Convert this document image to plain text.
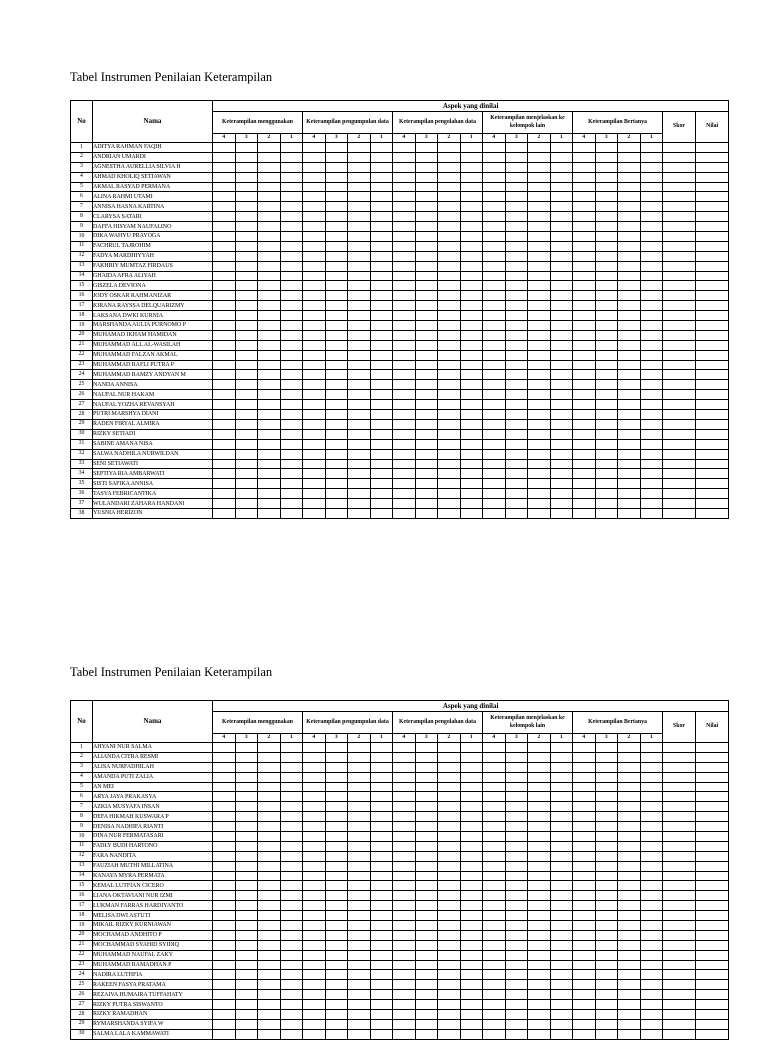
Tabel Instrumen Penilaian Keterampilan
No	Nama	Aspek yang dinilai																					
		Keterampilan menggunakan				Keterampilan pengumpulan data				Keterampilan pengolahan data				Keterampilan menjelaskan ke kelompok lain				Keterampilan Bertanya				Skor	Nilai
		4	3	2	1	4	3	2	1	4	3	2	1	4	3	2	1	4	3	2	1		
1	ADITYA RAHMAN FAQIH																						
2	ANDRIAN UMARDI																						
3	AGNESTHA AURELLIA SILVIA H																						
4	AHMAD KHOLIQ SETIAWAN																						
5	AKMAL RASYAD PERMANA																						
6	ALINA RAHMI UTAMI																						
7	ANNISA HASNA KARTINA																						
8	CLARYSA SATARI																						
9	DAFFA HISYAM NAUFALINO																						
10	DIKA WAHYU PRAYOGA																						
11	FACHRUL TAJROHIM																						
12	FADYA MARDHIYYAH																						
13	FAKHRIY MUMTAZ FIRDAUS																						
14	GHAIDA AFRA ALIYAH																						
15	GISZELA DEVIONA																						
16	JODY OSKAR RAHMANIZAR																						
17	KIRANA RAYSSA DELQUARIZMY																						
18	LAKSANA DWKI KURNIA																						
19	MARSHANDA AULIA PURNOMO P																						
20	MUHAMAD IKHAM HAMIDAN																						
21	MUHAMMAD ALL AL-WASILAH																						
22	MUHAMMAD FALZAN AKMAL																						
23	MUHAMMAD RAFLI PUTRA P																						
24	MUHAMMAD RAMZY ANDYAN M																						
25	NANDA ANNISA																						
26	NAUFAL NUR HAKAM																						
27	NAUFAL YOZHA REVANSYAH																						
28	PUTRI MARSHYA DIANI																						
29	RADEN FIRYAL ALMIRA																						
30	RIZKY SETIADI																						
31	SABINE AMANA NISA																						
32	SALWA NADHILA NURWILDAN																						
33	SENI SETIAWATI																						
34	SEPTIYA RIA AMBARWATI																						
35	SISTI SAFIKA ANNISA																						
36	TASYA FEBRICANTIKA																						
37	WULANDARI ZAHARA HANDANI																						
38	YUSNIA HERIZON																						
Tabel Instrumen Penilaian Keterampilan
No	Nama	Aspek yang dinilai																					
		Keterampilan menggunakan				Keterampilan pengumpulan data				Keterampilan pengolahan data				Keterampilan menjelaskan ke kelompok lain				Keterampilan Bertanya				Skor	Nilai
		4	3	2	1	4	3	2	1	4	3	2	1	4	3	2	1	4	3	2	1		
1	AHYANI NUR SALMA																						
2	ALIANDA CITRA RESMI																						
3	ALISA NURFADHILAH																						
4	AMANDA PUTI ZALIA																						
5	AN MEI																						
6	ARYA JAYA PRAKASYA																						
7	AZKIA MUSYAFA INSAN																						
8	DEFA HIKMAH KUSWARA P																						
9	DENISA NADHIFA RIANTI																						
10	DINA NUR FERMATASARI																						
11	FADLY BUDI HARTONO																						
12	FARA NANDITA																						
13	FAUZIAH MUTHI MILLATINA																						
14	KANAYA MYRA PERMATA																						
15	KEMAL LUTFIAN CICERO																						
16	LIANA OKTAVIANI NUR IZMI																						
17	LUKMAN FARRAS HARDIYANTO																						
18	MELISA DWI ASTUTI																						
19	MIKAIL RIZKY KURNIAWAN																						
20	MOCHAMAD ANDHITO P																						
21	MOCHAMMAD SYAHID SYIDIQ																						
22	MUHAMMAD NAUFAL ZAKY																						
23	MUHAMMAD RAMADHAN P																						
24	NADIRA LUTHFIA																						
25	RAKEEN FASYA PRATAMA																						
26	REZAIVA HUMAIRA TUFFAHATY																						
27	RIZKY PUTRA SISWANTO																						
28	RIZKY RAMADHAN																						
29	RYMARSHANDA SYIFA W																						
30	SALMA LALA KAMMAWATI																						
